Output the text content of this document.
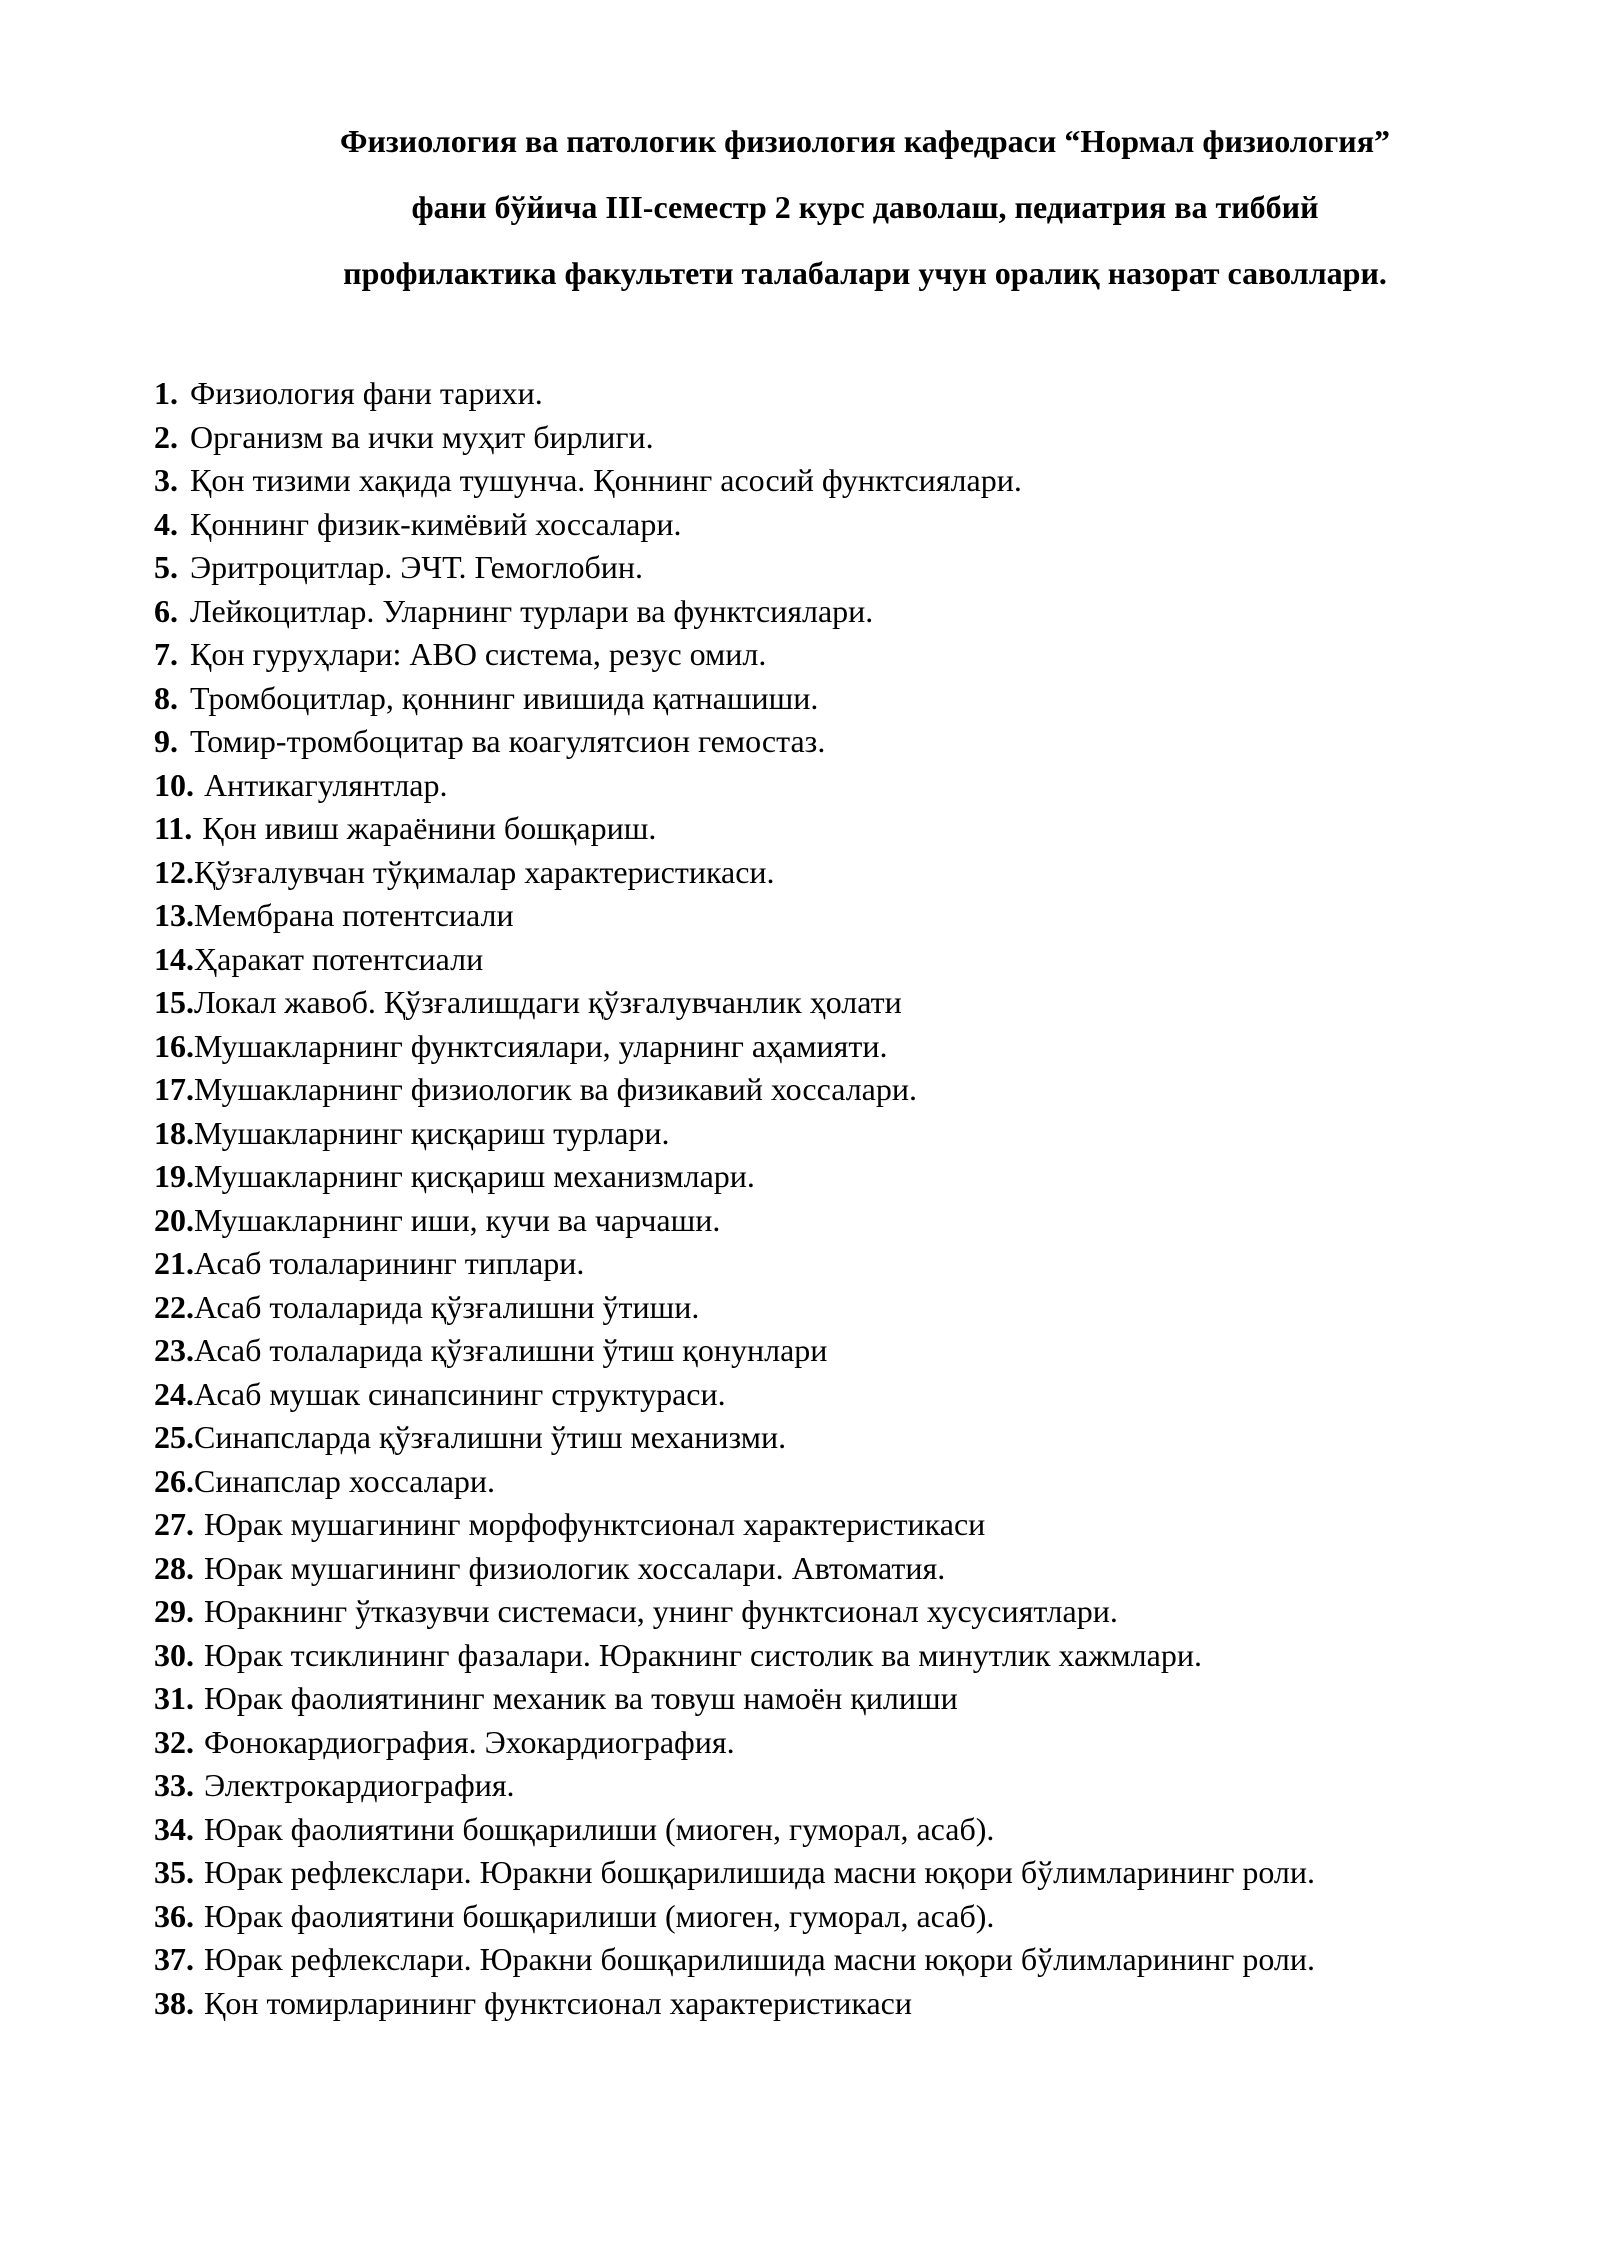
Физиология ва патологик физиология кафедраси “Нормал физиология”
фани бўйича III-семестр 2 курс даволаш, педиатрия ва тиббий
профилактика факультети талабалари учун оралиқ назорат саволлари.
1. Физиология фани тарихи.
2. Организм ва ички муҳит бирлиги.
3. Қон тизими хақида тушунча. Қоннинг асосий функтсиялари.
4. Қоннинг физик-кимёвий хоссалари.
5. Эритроцитлар. ЭЧТ. Гемоглобин.
6. Лейкоцитлар. Уларнинг турлари ва функтсиялари.
7. Қон гуруҳлари: АВО система, резус омил.
8. Тромбоцитлар, қоннинг ивишида қатнашиши.
9. Томир-тромбоцитар ва коагулятсион гемостаз.
10. Антикагулянтлар.
11. Қон ивиш жараёнини бошқариш.
12. Қўзғалувчан тўқималар характеристикаси.
13. Мембрана потентсиали
14. Ҳаракат потентсиали
15. Локал жавоб. Қўзғалишдаги қўзғалувчанлик ҳолати
16. Мушакларнинг функтсиялари, уларнинг аҳамияти.
17. Мушакларнинг физиологик ва физикавий хоссалари.
18. Мушакларнинг қисқариш турлари.
19. Мушакларнинг қисқариш механизмлари.
20. Мушакларнинг иши, кучи ва чарчаши.
21. Асаб толаларининг типлари.
22. Асаб толаларида қўзғалишни ўтиши.
23. Асаб толаларида қўзғалишни ўтиш қонунлари
24. Асаб мушак синапсининг структураси.
25. Синапсларда қўзғалишни ўтиш механизми.
26. Синапслар хоссалари.
27. Юрак мушагининг морфофунктсионал характеристикаси
28. Юрак мушагининг физиологик хоссалари. Автоматия.
29. Юракнинг ўтказувчи системаси, унинг функтсионал хусусиятлари.
30. Юрак тсиклининг фазалари. Юракнинг систолик ва минутлик хажмлари.
31. Юрак фаолиятининг механик ва товуш намоён қилиши
32. Фонокардиография. Эхокардиография.
33. Электрокардиография.
34. Юрак фаолиятини бошқарилиши (миоген, гуморал, асаб).
35. Юрак рефлекслари. Юракни бошқарилишида масни юқори бўлимларининг роли.
36. Юрак фаолиятини бошқарилиши (миоген, гуморал, асаб).
37. Юрак рефлекслари. Юракни бошқарилишида масни юқори бўлимларининг роли.
38. Қон томирларининг функтсионал характеристикаси
